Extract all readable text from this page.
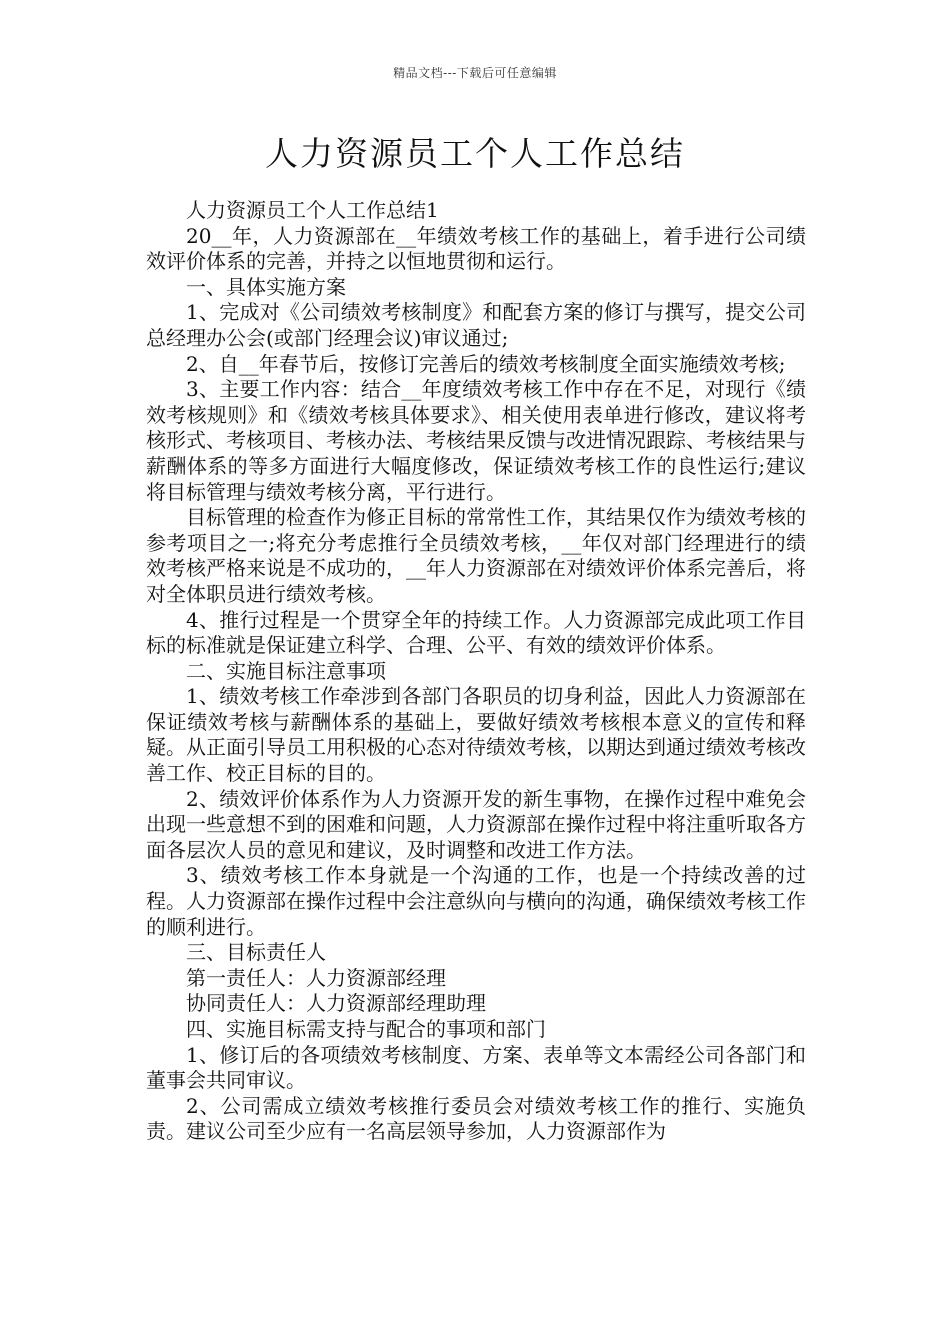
精品文档---下载后可任意编辑
人力资源员工个人工作总结

人力资源员工个人工作总结1

20__年，人力资源部在__年绩效考核工作的基础上，着手进行公司绩效评价体系的完善，并持之以恒地贯彻和运行。

一、具体实施方案

1、完成对《公司绩效考核制度》和配套方案的修订与撰写，提交公司总经理办公会(或部门经理会议)审议通过;

2、自__年春节后，按修订完善后的绩效考核制度全面实施绩效考核;

3、主要工作内容：结合__年度绩效考核工作中存在不足，对现行《绩效考核规则》和《绩效考核具体要求》、相关使用表单进行修改，建议将考核形式、考核项目、考核办法、考核结果反馈与改进情况跟踪、考核结果与薪酬体系的等多方面进行大幅度修改，保证绩效考核工作的良性运行;建议将目标管理与绩效考核分离，平行进行。

目标管理的检查作为修正目标的常常性工作，其结果仅作为绩效考核的参考项目之一;将充分考虑推行全员绩效考核，__年仅对部门经理进行的绩效考核严格来说是不成功的，__年人力资源部在对绩效评价体系完善后，将对全体职员进行绩效考核。

4、推行过程是一个贯穿全年的持续工作。人力资源部完成此项工作目标的标准就是保证建立科学、合理、公平、有效的绩效评价体系。

二、实施目标注意事项

1、绩效考核工作牵涉到各部门各职员的切身利益，因此人力资源部在保证绩效考核与薪酬体系的基础上，要做好绩效考核根本意义的宣传和释疑。从正面引导员工用积极的心态对待绩效考核，以期达到通过绩效考核改善工作、校正目标的目的。

2、绩效评价体系作为人力资源开发的新生事物，在操作过程中难免会出现一些意想不到的困难和问题，人力资源部在操作过程中将注重听取各方面各层次人员的意见和建议，及时调整和改进工作方法。

3、绩效考核工作本身就是一个沟通的工作，也是一个持续改善的过程。人力资源部在操作过程中会注意纵向与横向的沟通，确保绩效考核工作的顺利进行。

三、目标责任人

第一责任人：人力资源部经理

协同责任人：人力资源部经理助理

四、实施目标需支持与配合的事项和部门

1、修订后的各项绩效考核制度、方案、表单等文本需经公司各部门和董事会共同审议。

2、公司需成立绩效考核推行委员会对绩效考核工作的推行、实施负责。建议公司至少应有一名高层领导参加，人力资源部作为
